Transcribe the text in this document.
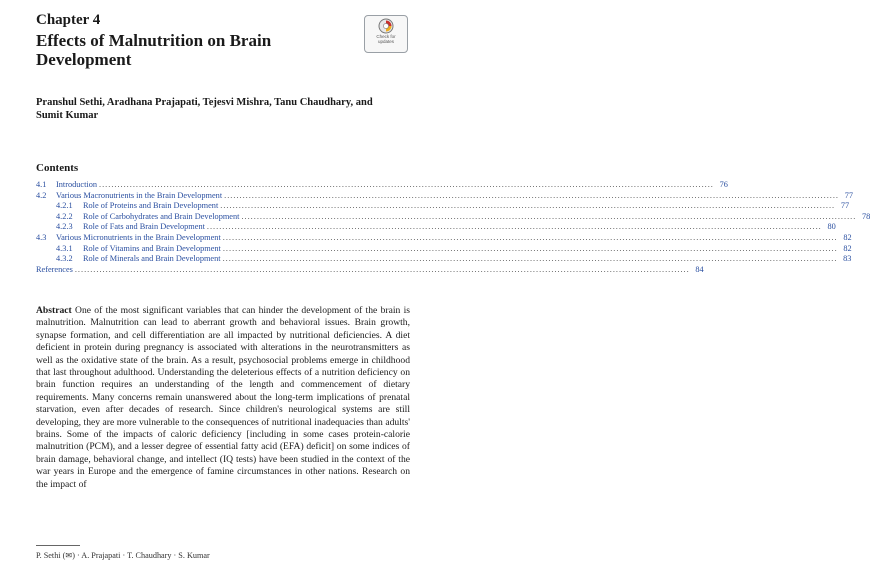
Chapter 4
Effects of Malnutrition on Brain Development
Check for
updates
Pranshul Sethi, Aradhana Prajapati, Tejesvi Mishra, Tanu Chaudhary, and Sumit Kumar
Contents
4.1	Introduction ........................................................................................................................................................................................................ 76
4.2	Various Macronutrients in the Brain Development ........................................................................................................................................................................................................ 77
4.2.1	Role of Proteins and Brain Development ........................................................................................................................................................................................................ 77
4.2.2	Role of Carbohydrates and Brain Development ........................................................................................................................................................................................................ 78
4.2.3	Role of Fats and Brain Development ........................................................................................................................................................................................................ 80
4.3	Various Micronutrients in the Brain Development ........................................................................................................................................................................................................ 82
4.3.1	Role of Vitamins and Brain Development ........................................................................................................................................................................................................ 82
4.3.2	Role of Minerals and Brain Development ........................................................................................................................................................................................................ 83
References ........................................................................................................................................................................................................ 84

Abstract One of the most significant variables that can hinder the development of the brain is malnutrition. Malnutrition can lead to aberrant growth and behavioral issues. Brain growth, synapse formation, and cell differentiation are all impacted by nutritional deficiencies. A diet deficient in protein during pregnancy is associated with alterations in the neurotransmitters as well as the oxidative state of the brain. As a result, psychosocial problems emerge in childhood that last throughout adulthood. Understanding the deleterious effects of a nutrition deficiency on brain function requires an understanding of the length and commencement of dietary requirements. Many concerns remain unanswered about the long-term implications of prenatal starvation, even after decades of research. Since children's neurological systems are still developing, they are more vulnerable to the consequences of nutritional inadequacies than adults' brains. Some of the impacts of caloric deficiency [including in some cases protein-calorie malnutrition (PCM), and a lesser degree of essential fatty acid (EFA) deficit] on some indices of brain damage, behavioral change, and intellect (IQ tests) have been studied in the context of the war years in Europe and the emergence of famine circumstances in other nations. Research on the impact of

P. Sethi (✉) · A. Prajapati · T. Chaudhary · S. Kumar
